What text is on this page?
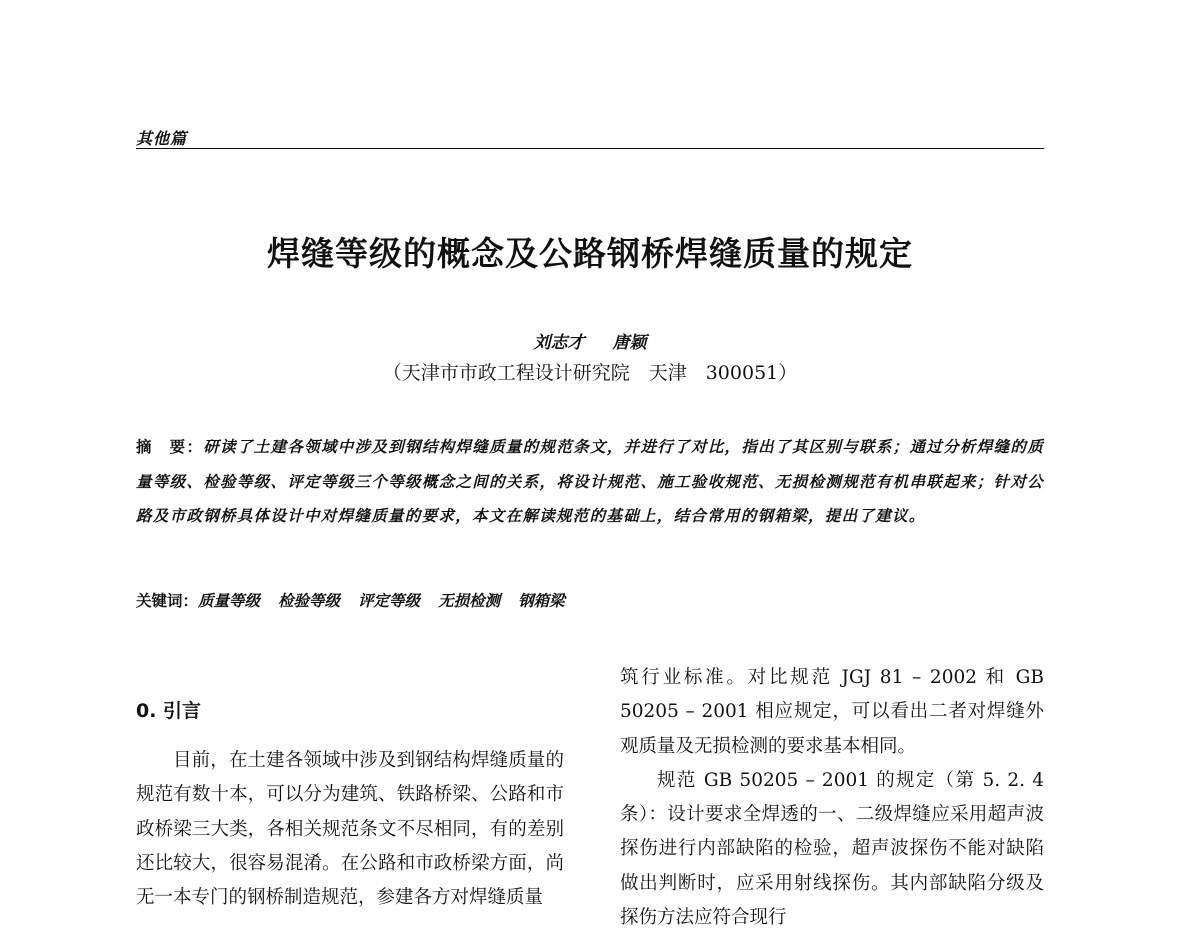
其他篇
焊缝等级的概念及公路钢桥焊缝质量的规定
刘志才 唐颖
（天津市市政工程设计研究院　天津　300051）
摘　要：研读了土建各领域中涉及到钢结构焊缝质量的规范条文，并进行了对比，指出了其区别与联系；通过分析焊缝的质量等级、检验等级、评定等级三个等级概念之间的关系，将设计规范、施工验收规范、无损检测规范有机串联起来；针对公路及市政钢桥具体设计中对焊缝质量的要求，本文在解读规范的基础上，结合常用的钢箱梁，提出了建议。
关键词：质量等级 检验等级 评定等级 无损检测 钢箱梁
0. 引言

目前，在土建各领域中涉及到钢结构焊缝质量的规范有数十本，可以分为建筑、铁路桥梁、公路和市政桥梁三大类，各相关规范条文不尽相同，有的差别还比较大，很容易混淆。在公路和市政桥梁方面，尚无一本专门的钢桥制造规范，参建各方对焊缝质量

筑行业标准。对比规范 JGJ 81 – 2002 和 GB 50205 – 2001 相应规定，可以看出二者对焊缝外观质量及无损检测的要求基本相同。

规范 GB 50205 – 2001 的规定（第 5. 2. 4 条）：设计要求全焊透的一、二级焊缝应采用超声波探伤进行内部缺陷的检验，超声波探伤不能对缺陷做出判断时，应采用射线探伤。其内部缺陷分级及探伤方法应符合现行
